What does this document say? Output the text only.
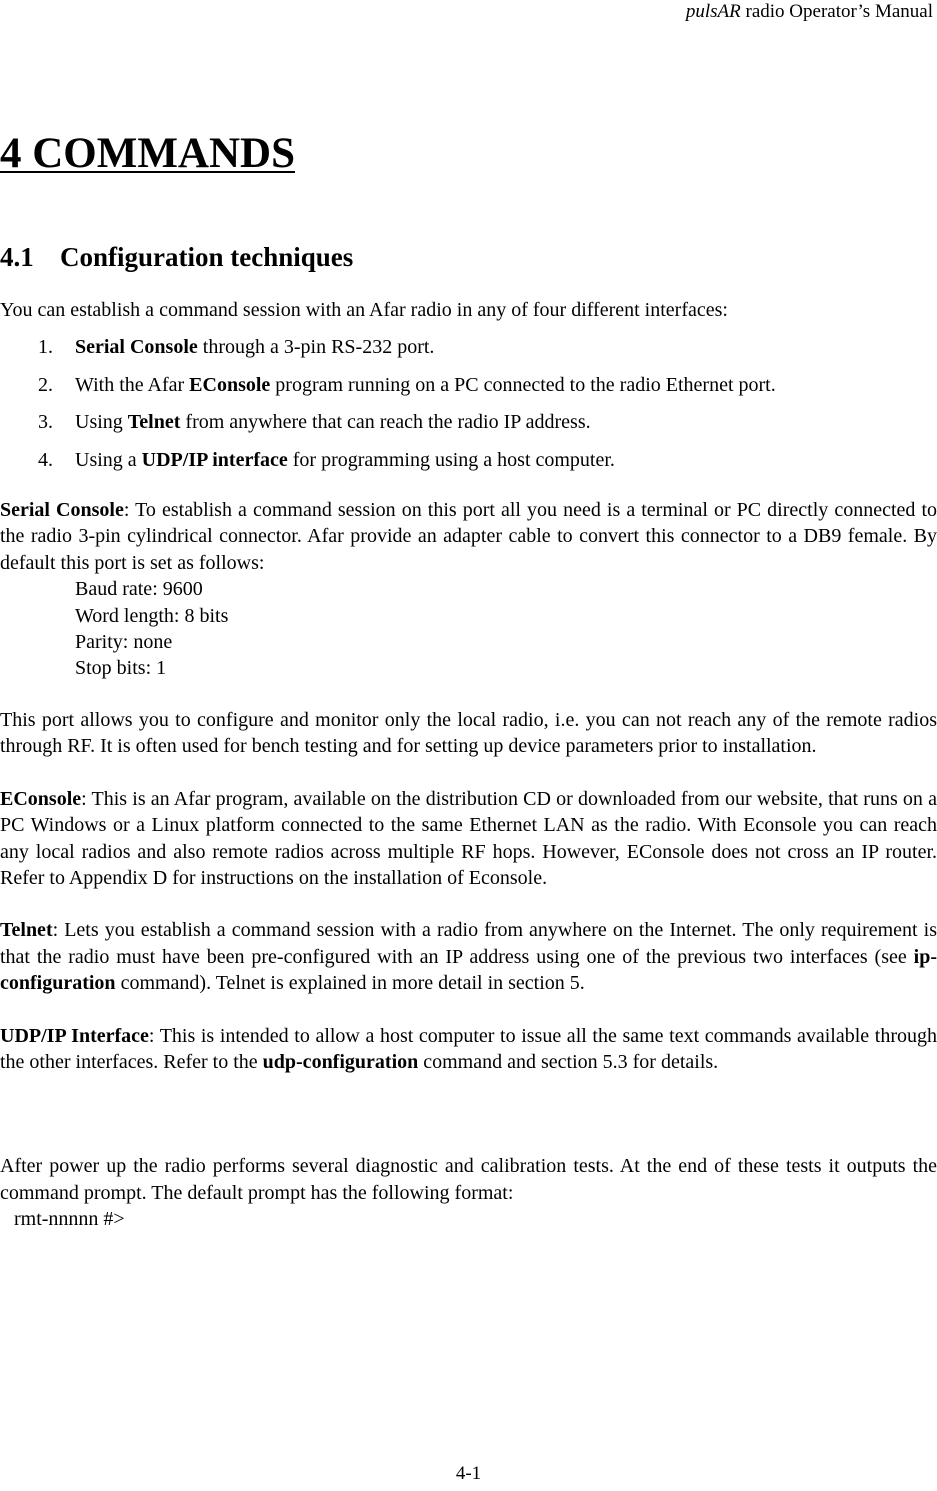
pulsAR radio Operator’s Manual
4 COMMANDS
4.1 Configuration techniques

You can establish a command session with an Afar radio in any of four different interfaces:

1. Serial Console through a 3-pin RS-232 port.
2. With the Afar EConsole program running on a PC connected to the radio Ethernet port.
3. Using Telnet from anywhere that can reach the radio IP address.
4. Using a UDP/IP interface for programming using a host computer.

Serial Console: To establish a command session on this port all you need is a terminal or PC directly connected to the radio 3-pin cylindrical connector. Afar provide an adapter cable to convert this connector to a DB9 female. By default this port is set as follows:

Baud rate: 9600
Word length: 8 bits
Parity: none
Stop bits: 1

This port allows you to configure and monitor only the local radio, i.e. you can not reach any of the remote radios through RF. It is often used for bench testing and for setting up device parameters prior to installation.

EConsole: This is an Afar program, available on the distribution CD or downloaded from our website, that runs on a PC Windows or a Linux platform connected to the same Ethernet LAN as the radio. With Econsole you can reach any local radios and also remote radios across multiple RF hops. However, EConsole does not cross an IP router. Refer to Appendix D for instructions on the installation of Econsole.

Telnet: Lets you establish a command session with a radio from anywhere on the Internet. The only requirement is that the radio must have been pre-configured with an IP address using one of the previous two interfaces (see ip-configuration command). Telnet is explained in more detail in section 5.

UDP/IP Interface: This is intended to allow a host computer to issue all the same text commands available through the other interfaces. Refer to the udp-configuration command and section 5.3 for details.

After power up the radio performs several diagnostic and calibration tests. At the end of these tests it outputs the command prompt. The default prompt has the following format:

rmt-nnnnn #>
4-1
